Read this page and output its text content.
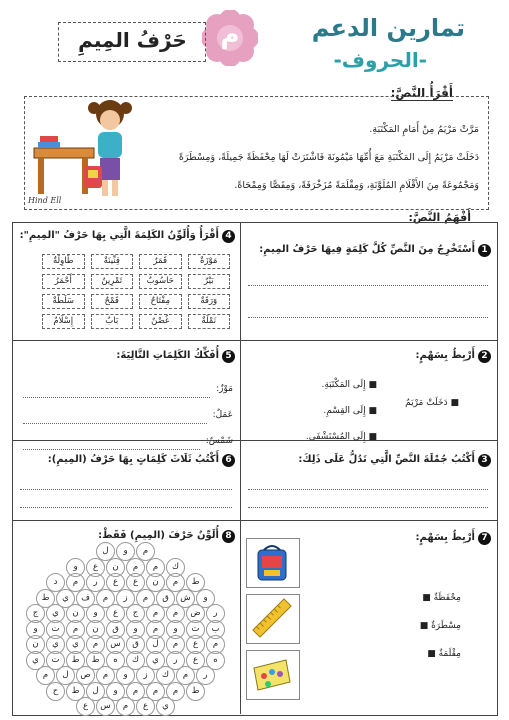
تمارين الدعم
-الحروف-
م
حَرْفُ المِيمِ
أَقْرَأُ النَّصَّ:
Hind Ell
مَرَّتْ مَرْيَمُ مِنْ أَمَامِ المَكْتَبَةِ.
دَخَلَتْ مَرْيَمُ إِلَى المَكْتَبَةِ مَعَ أُمِّهَا مَيْمُونَةَ فَاشْتَرَتْ لَهَا مِحْفَظَةً جَمِيلَةً، وَمِسْطَرَةً
وَمَجْمُوعَةً مِنَ الأَقْلَامِ المُلَوَّنَةِ، وَمِقْلَمَةً مُزَخْرَفَةً، وَمِقَصًّا وَمِمْحَاةً.
أَفْهَمُ النَّصَّ:
1أَسْتَخْرِجُ مِنَ النَّصِّ كُلَّ كَلِمَةٍ فِيهَا حَرْفُ المِيمِ:
4أَقْرَأُ وَأُلَوِّنُ الكَلِمَةَ الَّتِي بِهَا حَرْفُ "المِيمِ":
مَوْزَةٌ
قَمَرٌ
قِنِّينَةٌ
طَاوِلَةٌ
بَيْرٌ
حَاسُوبٌ
تَمْرِينٌ
أَحْمَرُ
وَرَقَةٌ
مِفْتَاحٌ
قَمْحٌ
سَلَطَةٌ
نَمْلَةٌ
غُصْنٌ
بَابٌ
إِسْلَامٌ
2أَرْبِطُ بِسَهْمٍ:
■ دَخَلَتْ مَرْيَمُ
■ إِلَى المَكْتَبَةِ.
■ إِلَى القِسْمِ.
■ إِلَى المُسْتَشْفَى.
5أُفَكِّكُ الكَلِمَاتِ التَّالِيَةَ:
مَوْزٌ:
عَمَلٌ:
شَمْسٌ:
3أَكْتُبُ جُمْلَةَ النَّصِّ الَّتِي تَدُلُّ عَلَى ذَلِكَ:
6أَكْتُبُ ثَلَاثَ كَلِمَاتٍ بِهَا حَرْفُ (المِيمِ):
7أَرْبِطُ بِسَهْمٍ:
مِحْفَظَةٌ ■
مِسْطَرَةٌ ■
مِقْلَمَةٌ ■
8أُلَوِّنُ حَرْفَ (المِيمِ) فَقَطْ:
ل	و	م
و	ع	ن	م	م	ك
د	م	ر	ع	ع	ن	م	ط
ط	ي	ف	م	ز	م	ق	ش	و
ج	ي	ن	و	ع	ج	م	م	ض	ر
و	ت	م	ن	ق	و	م	و	ت	ب
ن	ي	ي	م	س	ق	ل	م	ع	م
ي	ت	ط	ط	ه	ك	ي	ر	ع	ه
م	ل	ص	م	و	ز	ك	م	ر
ح	ط	ل	و	م	م	م	ط
ع	س	م	ع	ي
